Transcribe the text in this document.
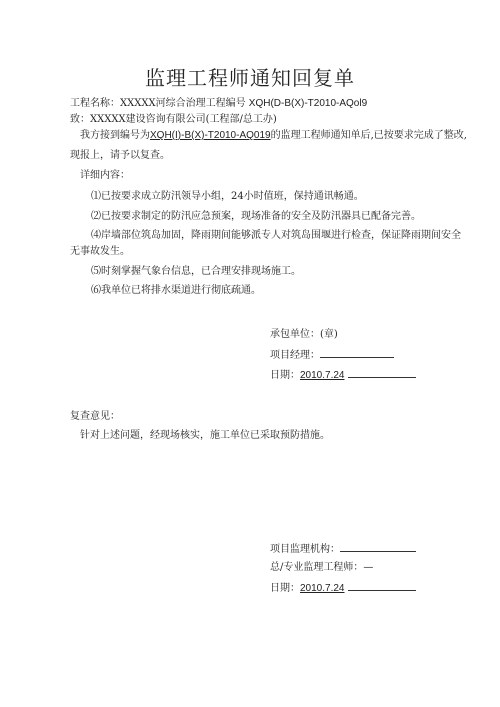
监理工程师通知回复单
工程名称：XXXXX河综合治理工程编号 XQH(D-B(X)-T2010-AQol9
致：XXXXX建设咨询有限公司(工程部/总工办)
我方接到编号为XQH(I)-B(X)-T2010-AQ019的监理工程师通知单后,已按要求完成了整改,
现报上，请予以复查。
详细内容：
⑴已按要求成立防汛领导小组，24小时值班，保持通讯畅通。
⑵已按要求制定的防汛应急预案，现场准备的安全及防汛器具已配备完善。
⑷岸墙部位筑岛加固，降雨期间能够派专人对筑岛围堰进行检查，保证降雨期间安全
无事故发生。
⑸时刻掌握气象台信息，已合理安排现场施工。
⑹我单位已将排水渠道进行彻底疏通。
承包单位：(章)
项目经理：
日期：2010.7.24
复查意见：
针对上述问题，经现场核实，施工单位已采取预防措施。
项目监理机构：
总/专业监理工程师：—
日期：2010.7.24
